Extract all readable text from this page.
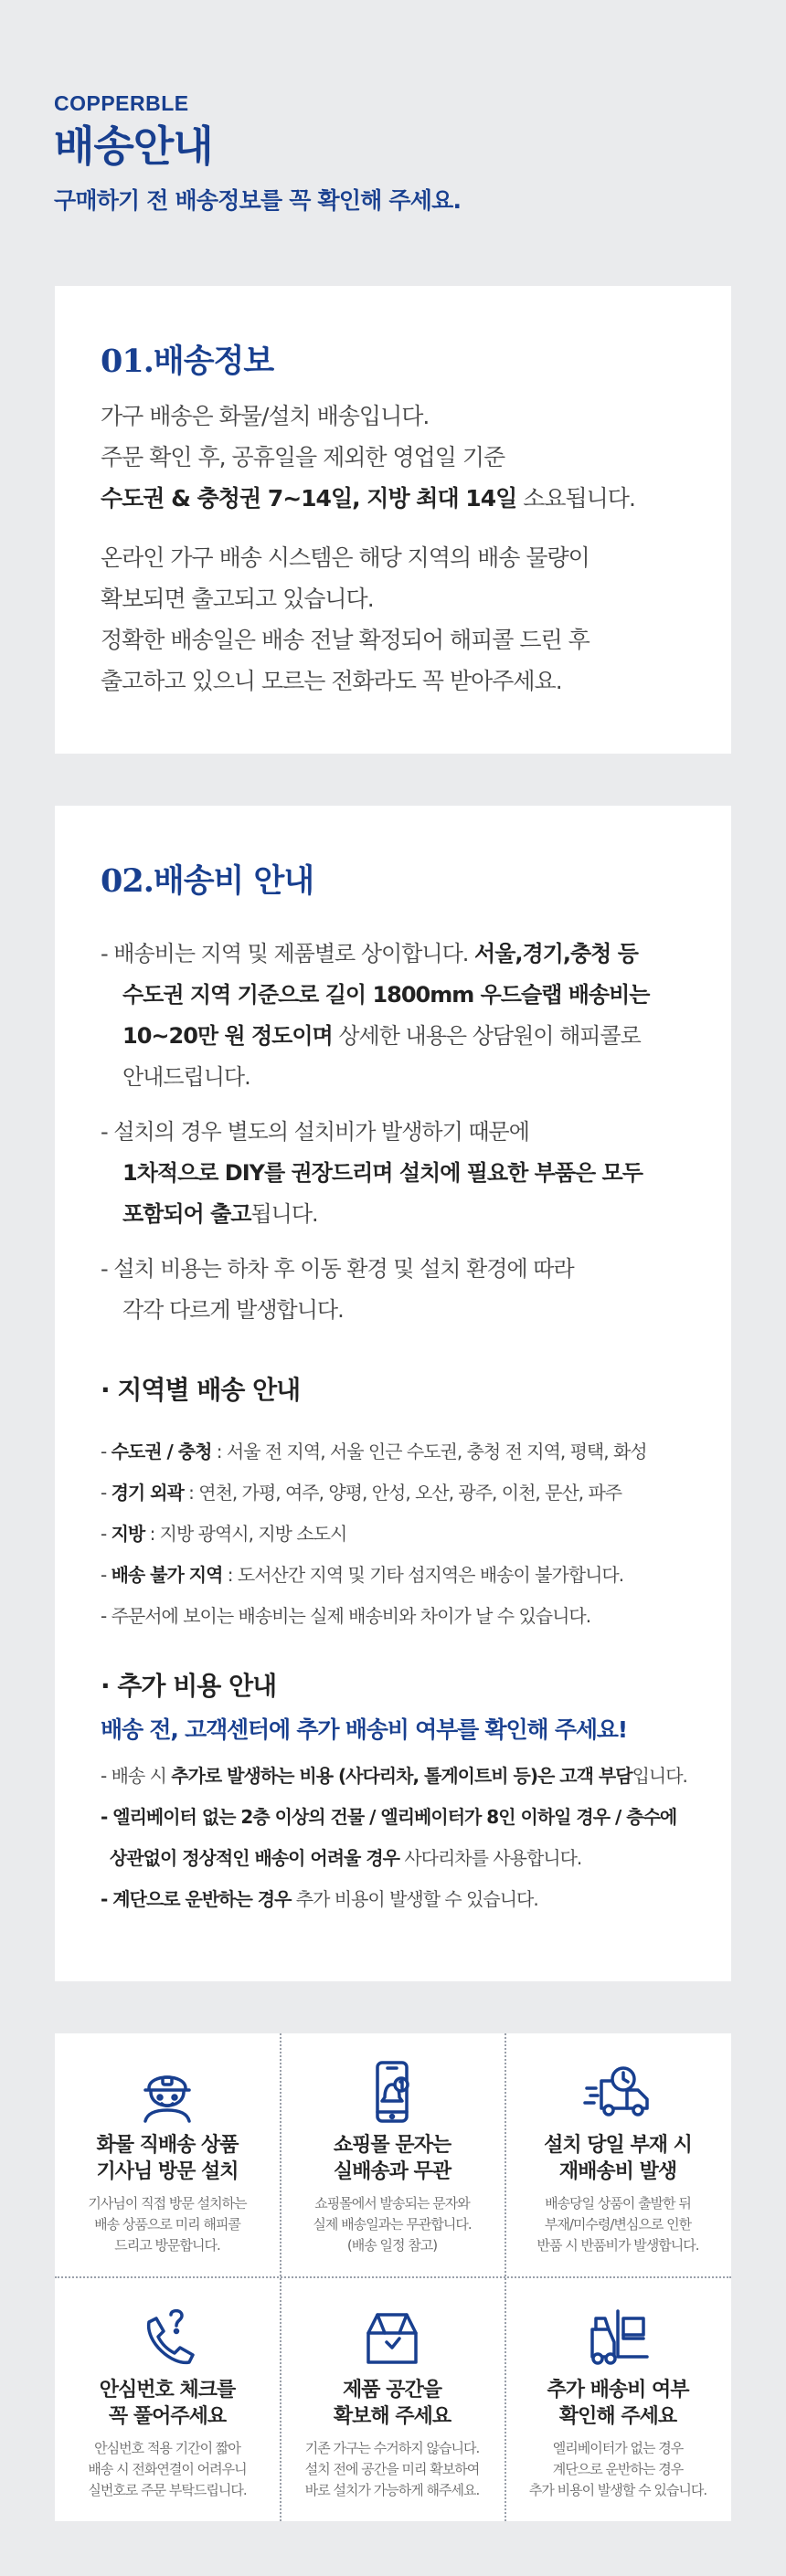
COPPERBLE
배송안내
구매하기 전 배송정보를 꼭 확인해 주세요.
01.배송정보
가구 배송은 화물/설치 배송입니다.
주문 확인 후, 공휴일을 제외한 영업일 기준
수도권 & 충청권 7~14일, 지방 최대 14일 소요됩니다.
온라인 가구 배송 시스템은 해당 지역의 배송 물량이
확보되면 출고되고 있습니다.
정확한 배송일은 배송 전날 확정되어 해피콜 드린 후
출고하고 있으니 모르는 전화라도 꼭 받아주세요.
02.배송비 안내
- 배송비는 지역 및 제품별로 상이합니다. 서울,경기,충청 등
수도권 지역 기준으로 길이 1800mm 우드슬랩 배송비는
10~20만 원 정도이며 상세한 내용은 상담원이 해피콜로
안내드립니다.
- 설치의 경우 별도의 설치비가 발생하기 때문에
1차적으로 DIY를 권장드리며 설치에 필요한 부품은 모두
포함되어 출고됩니다.
- 설치 비용는 하차 후 이동 환경 및 설치 환경에 따라
각각 다르게 발생합니다.
· 지역별 배송 안내
- 수도권 / 충청 : 서울 전 지역, 서울 인근 수도권, 충청 전 지역, 평택, 화성
- 경기 외곽 : 연천, 가평, 여주, 양평, 안성, 오산, 광주, 이천, 문산, 파주
- 지방 : 지방 광역시, 지방 소도시
- 배송 불가 지역 : 도서산간 지역 및 기타 섬지역은 배송이 불가합니다.
- 주문서에 보이는 배송비는 실제 배송비와 차이가 날 수 있습니다.
· 추가 비용 안내
배송 전, 고객센터에 추가 배송비 여부를 확인해 주세요!
- 배송 시 추가로 발생하는 비용 (사다리차, 톨게이트비 등)은 고객 부담입니다.
- 엘리베이터 없는 2층 이상의 건물 / 엘리베이터가 8인 이하일 경우 / 층수에
상관없이 정상적인 배송이 어려울 경우 사다리차를 사용합니다.
- 계단으로 운반하는 경우 추가 비용이 발생할 수 있습니다.
화물 직배송 상품
기사님 방문 설치
기사님이 직접 방문 설치하는
배송 상품으로 미리 해피콜
드리고 방문합니다.
쇼핑몰 문자는
실배송과 무관
쇼핑몰에서 발송되는 문자와
실제 배송일과는 무관합니다.
(배송 일정 참고)
설치 당일 부재 시
재배송비 발생
배송당일 상품이 출발한 뒤
부재/미수령/변심으로 인한
반품 시 반품비가 발생합니다.
안심번호 체크를
꼭 풀어주세요
안심번호 적용 기간이 짧아
배송 시 전화연결이 어려우니
실번호로 주문 부탁드립니다.
제품 공간을
확보해 주세요
기존 가구는 수거하지 않습니다.
설치 전에 공간을 미리 확보하여
바로 설치가 가능하게 해주세요.
추가 배송비 여부
확인해 주세요
엘리베이터가 없는 경우
계단으로 운반하는 경우
추가 비용이 발생할 수 있습니다.
